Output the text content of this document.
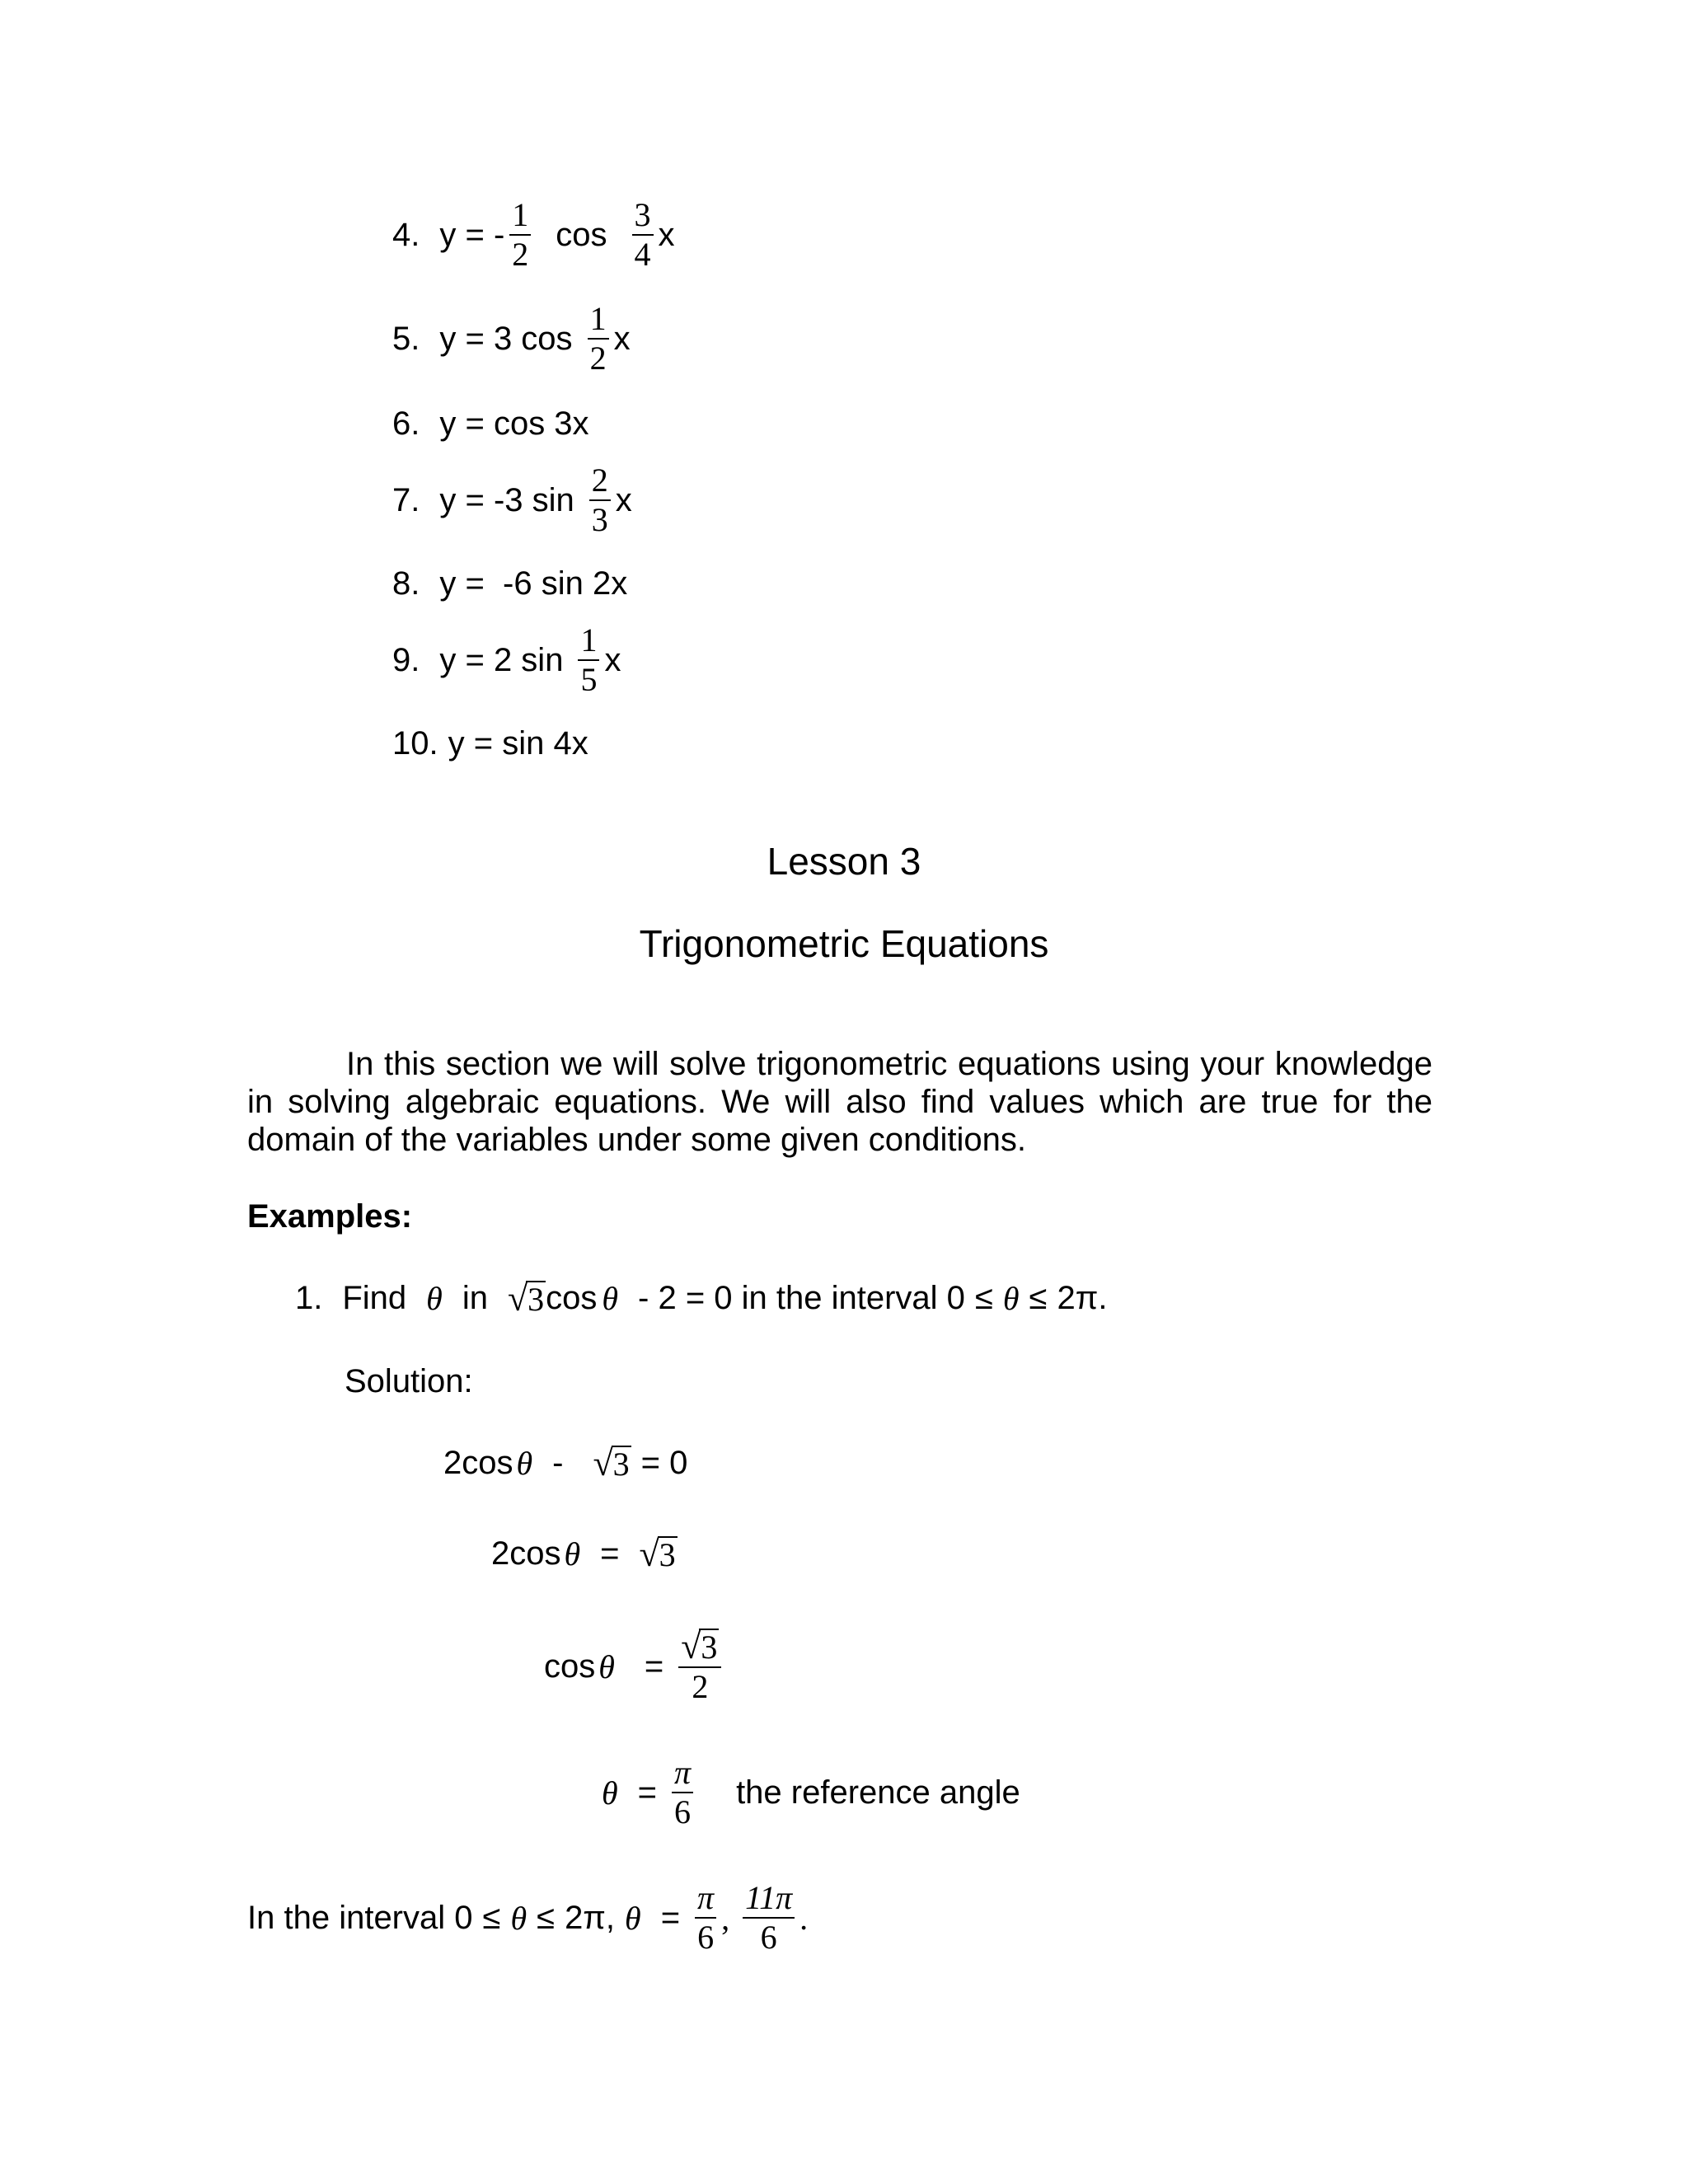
4. y = - $\frac{1}{2}$ $\cos \frac{3}{4}$ x
5. y = 3 $\cos \frac{1}{2}$ x
6. y = cos 3x
7. y = -3 $\sin \frac{2}{3}$ x
8. y =  -6 sin 2x
9. y = 2 $\sin \frac{1}{5}$ x
10. y = sin 4x
Lesson 3
Trigonometric Equations

In this section we will solve trigonometric equations using your knowledge in solving algebraic equations. We will also find values which are true for the domain of the variables under some given conditions.

Examples:
1. Find θ in √ 3 cos θ - 2 = 0 in the interval 0 ≤ θ ≤ 2π.
Solution:
2cos θ - √ 3 = 0
2cos θ = √ 3
$\cos \theta = \frac{√ 3}{2}$
$\theta = \frac{\pi}{6}$ the reference angle
In the interval 0 ≤ θ ≤ 2π, $\theta = \frac{\pi}{6}$ , $\frac{11\pi}{6}$ .
